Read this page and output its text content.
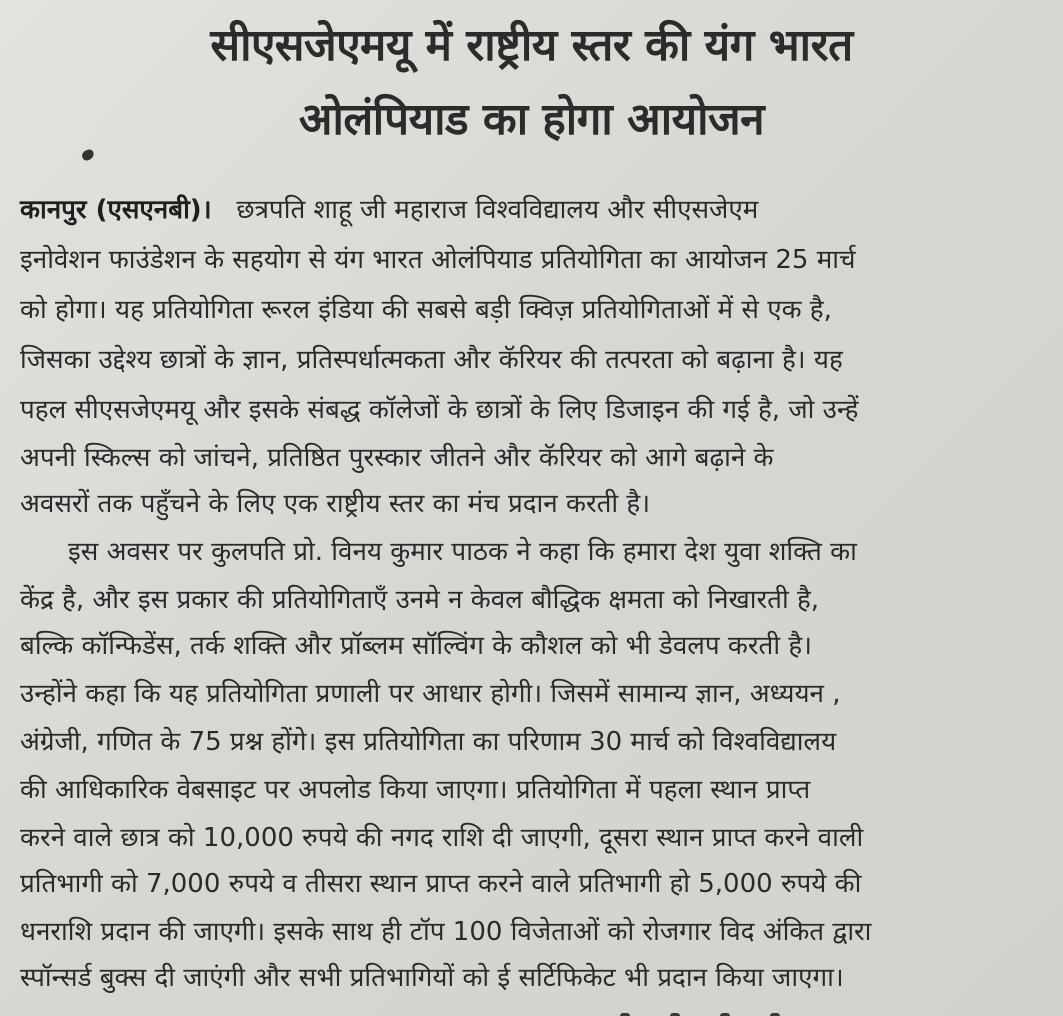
सीएसजेएमयू में राष्ट्रीय स्तर की यंग भारत
ओलंपियाड का होगा आयोजन
कानपुर (एसएनबी)। छत्रपति शाहू जी महाराज विश्वविद्यालय और सीएसजेएम
इनोवेशन फाउंडेशन के सहयोग से यंग भारत ओलंपियाड प्रतियोगिता का आयोजन 25 मार्च
को होगा। यह प्रतियोगिता रूरल इंडिया की सबसे बड़ी क्विज़ प्रतियोगिताओं में से एक है,
जिसका उद्देश्य छात्रों के ज्ञान, प्रतिस्पर्धात्मकता और कॅरियर की तत्परता को बढ़ाना है। यह
पहल सीएसजेएमयू और इसके संबद्ध कॉलेजों के छात्रों के लिए डिजाइन की गई है, जो उन्हें
अपनी स्किल्स को जांचने, प्रतिष्ठित पुरस्कार जीतने और कॅरियर को आगे बढ़ाने के
अवसरों तक पहुँचने के लिए एक राष्ट्रीय स्तर का मंच प्रदान करती है।
इस अवसर पर कुलपति प्रो. विनय कुमार पाठक ने कहा कि हमारा देश युवा शक्ति का
केंद्र है, और इस प्रकार की प्रतियोगिताएँ उनमे न केवल बौद्धिक क्षमता को निखारती है,
बल्कि कॉन्फिडेंस, तर्क शक्ति और प्रॉब्लम सॉल्विंग के कौशल को भी डेवलप करती है।
उन्होंने कहा कि यह प्रतियोगिता प्रणाली पर आधार होगी। जिसमें सामान्य ज्ञान, अध्ययन ,
अंग्रेजी, गणित के 75 प्रश्न होंगे। इस प्रतियोगिता का परिणाम 30 मार्च को विश्वविद्यालय
की आधिकारिक वेबसाइट पर अपलोड किया जाएगा। प्रतियोगिता में पहला स्थान प्राप्त
करने वाले छात्र को 10,000 रुपये की नगद राशि दी जाएगी, दूसरा स्थान प्राप्त करने वाली
प्रतिभागी को 7,000 रुपये व तीसरा स्थान प्राप्त करने वाले प्रतिभागी हो 5,000 रुपये की
धनराशि प्रदान की जाएगी। इसके साथ ही टॉप 100 विजेताओं को रोजगार विद अंकित द्वारा
स्पॉन्सर्ड बुक्स दी जाएंगी और सभी प्रतिभागियों को ई सर्टिफिकेट भी प्रदान किया जाएगा।
